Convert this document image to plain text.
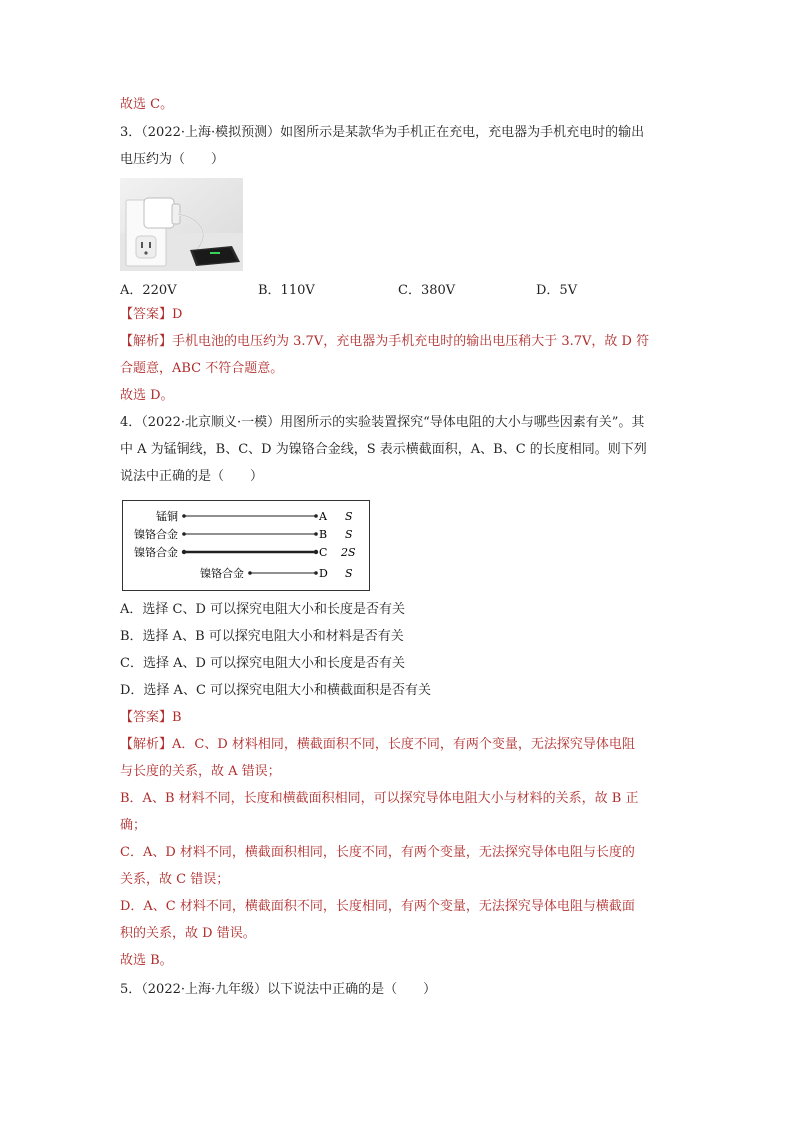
故选 C。
3．（2022·上海·模拟预测）如图所示是某款华为手机正在充电，充电器为手机充电时的输出
电压约为（　　）
A．220V	B．110V	C．380V	D．5V
【答案】D
【解析】手机电池的电压约为 3.7V，充电器为手机充电时的输出电压稍大于 3.7V，故 D 符
合题意，ABC 不符合题意。
故选 D。
4．（2022·北京顺义·一模）用图所示的实验装置探究“导体电阻的大小与哪些因素有关”。其
中 A 为锰铜线，B、C、D 为镍铬合金线，S 表示横截面积，A、B、C 的长度相同。则下列
说法中正确的是（　　）
锰铜	A S
镍铬合金	B S
镍铬合金	C 2S
镍铬合金	D S
A．选择 C、D 可以探究电阻大小和长度是否有关
B．选择 A、B 可以探究电阻大小和材料是否有关
C．选择 A、D 可以探究电阻大小和长度是否有关
D．选择 A、C 可以探究电阻大小和横截面积是否有关
【答案】B
【解析】A．C、D 材料相同，横截面积不同，长度不同，有两个变量，无法探究导体电阻
与长度的关系，故 A 错误；
B．A、B 材料不同，长度和横截面积相同，可以探究导体电阻大小与材料的关系，故 B 正
确；
C．A、D 材料不同，横截面积相同，长度不同，有两个变量，无法探究导体电阻与长度的
关系，故 C 错误；
D．A、C 材料不同，横截面积不同，长度相同，有两个变量，无法探究导体电阻与横截面
积的关系，故 D 错误。
故选 B。
5．（2022·上海·九年级）以下说法中正确的是（　　）
